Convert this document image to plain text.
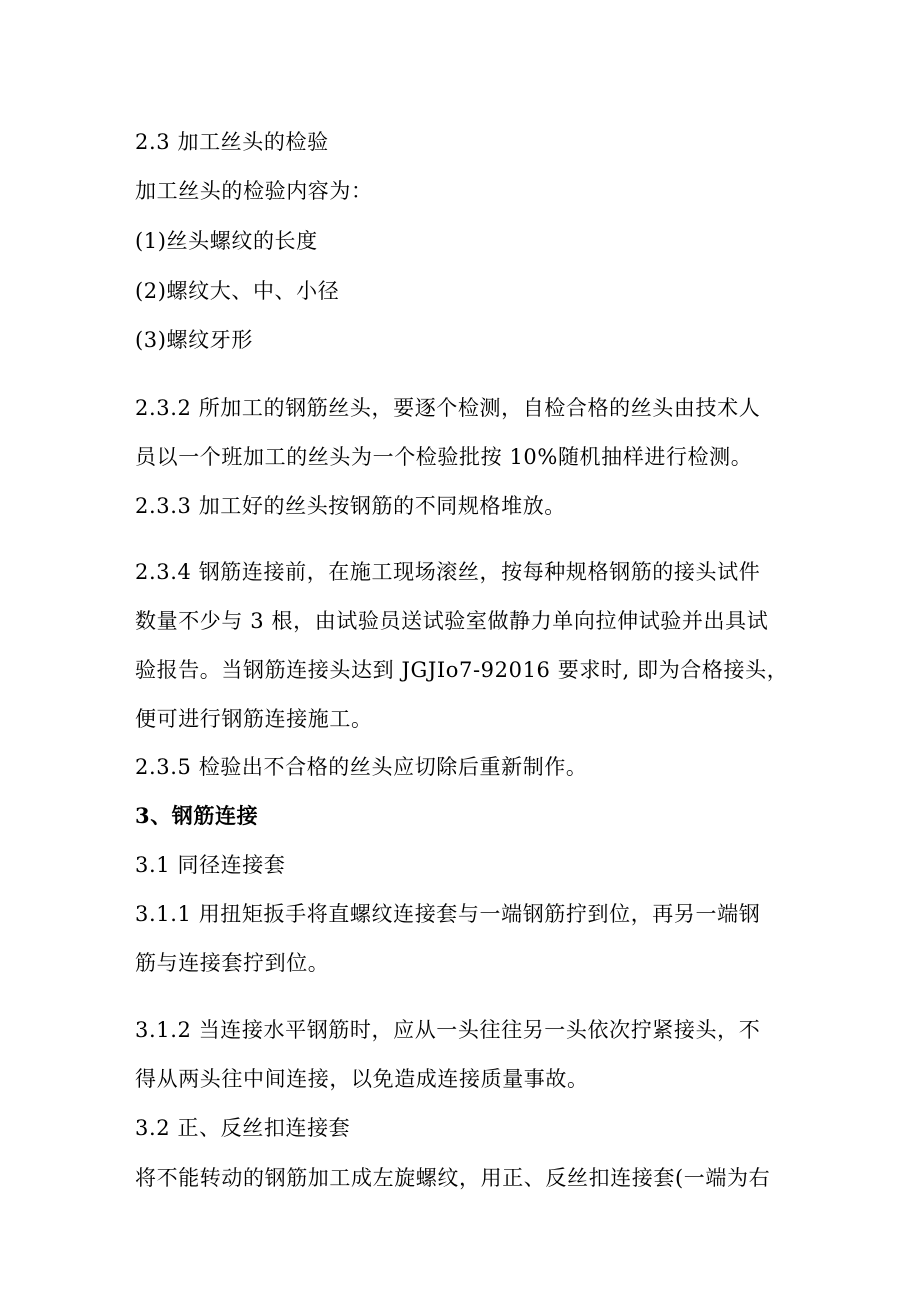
2.3 加工丝头的检验
加工丝头的检验内容为：
(1)丝头螺纹的长度
(2)螺纹大、中、小径
(3)螺纹牙形
2.3.2 所加工的钢筋丝头，要逐个检测，自检合格的丝头由技术人
员以一个班加工的丝头为一个检验批按 10%随机抽样进行检测。
2.3.3 加工好的丝头按钢筋的不同规格堆放。
2.3.4 钢筋连接前，在施工现场滚丝，按每种规格钢筋的接头试件
数量不少与 3 根，由试验员送试验室做静力单向拉伸试验并出具试
验报告。当钢筋连接头达到 JGJIo7-92016 要求时, 即为合格接头，
便可进行钢筋连接施工。
2.3.5 检验出不合格的丝头应切除后重新制作。
3、钢筋连接
3.1 同径连接套
3.1.1 用扭矩扳手将直螺纹连接套与一端钢筋拧到位，再另一端钢
筋与连接套拧到位。
3.1.2 当连接水平钢筋时，应从一头往往另一头依次拧紧接头，不
得从两头往中间连接，以免造成连接质量事故。
3.2 正、反丝扣连接套
将不能转动的钢筋加工成左旋螺纹，用正、反丝扣连接套(一端为右
